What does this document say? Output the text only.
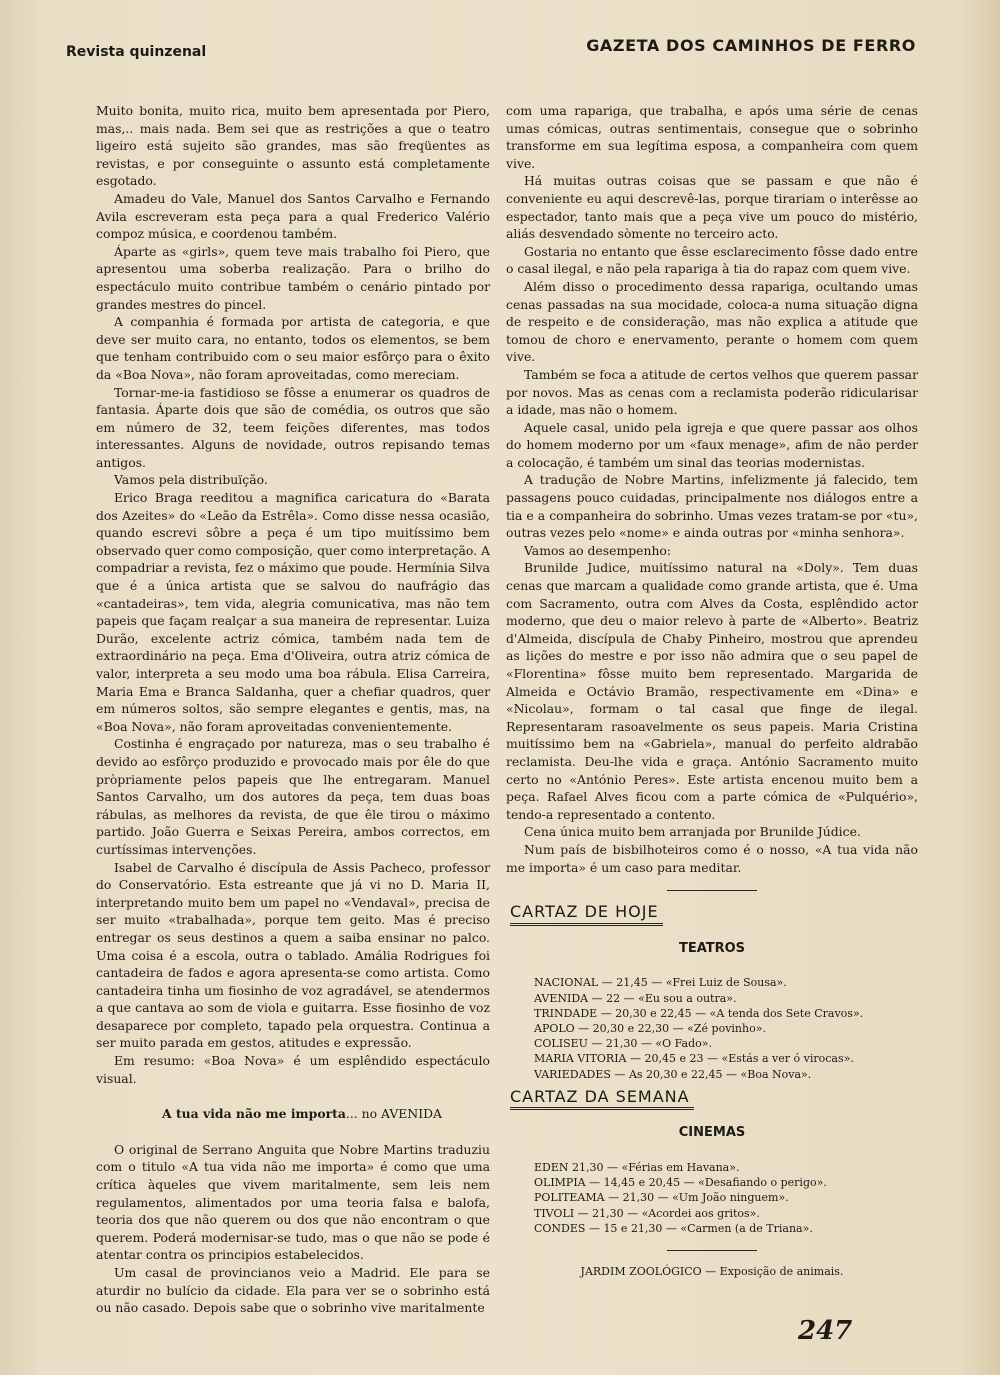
Revista quinzenal	GAZETA DOS CAMINHOS DE FERRO

Muito bonita, muito rica, muito bem apresentada por Piero, mas,.. mais nada. Bem sei que as restrições a que o teatro ligeiro está sujeito são grandes, mas são freqüentes as revistas, e por conseguinte o assunto está completamente esgotado.

Amadeu do Vale, Manuel dos Santos Carvalho e Fernando Avila escreveram esta peça para a qual Frederico Valério compoz música, e coordenou também.

Áparte as «girls», quem teve mais trabalho foi Piero, que apresentou uma soberba realização. Para o brilho do espectáculo muito contribue também o cenário pintado por grandes mestres do pincel.

A companhia é formada por artista de categoria, e que deve ser muito cara, no entanto, todos os elementos, se bem que tenham contribuido com o seu maior esfôrço para o êxito da «Boa Nova», não foram aproveitadas, como mereciam.

Tornar-me-ia fastidioso se fôsse a enumerar os quadros de fantasia. Áparte dois que são de comédia, os outros que são em número de 32, teem feições diferentes, mas todos interessantes. Alguns de novidade, outros repisando temas antigos.

Vamos pela distribuïção.

Erico Braga reeditou a magnifica caricatura do «Barata dos Azeites» do «Leão da Estrêla». Como disse nessa ocasião, quando escrevi sôbre a peça é um tipo muitíssimo bem observado quer como composição, quer como interpretação. A compadriar a revista, fez o máximo que poude. Hermínia Silva que é a única artista que se salvou do naufrágio das «cantadeiras», tem vida, alegria comunicativa, mas não tem papeis que façam realçar a sua maneira de representar. Luiza Durão, excelente actriz cómica, também nada tem de extraordinário na peça. Ema d'Oliveira, outra atriz cómica de valor, interpreta a seu modo uma boa rábula. Elisa Carreira, Maria Ema e Branca Saldanha, quer a chefiar quadros, quer em números soltos, são sempre elegantes e gentis, mas, na «Boa Nova», não foram aproveitadas convenientemente.

Costinha é engraçado por natureza, mas o seu trabalho é devido ao esfôrço produzido e provocado mais por êle do que pròpriamente pelos papeis que lhe entregaram. Manuel Santos Carvalho, um dos autores da peça, tem duas boas rábulas, as melhores da revista, de que êle tirou o máximo partido. João Guerra e Seixas Pereira, ambos correctos, em curtíssimas intervenções.

Isabel de Carvalho é discípula de Assis Pacheco, professor do Conservatório. Esta estreante que já vi no D. Maria II, interpretando muito bem um papel no «Vendaval», precisa de ser muito «trabalhada», porque tem geito. Mas é preciso entregar os seus destinos a quem a saiba ensinar no palco. Uma coisa é a escola, outra o tablado. Amália Rodrigues foi cantadeira de fados e agora apresenta-se como artista. Como cantadeira tinha um fiosinho de voz agradável, se atendermos a que cantava ao som de viola e guitarra. Esse fiosinho de voz desaparece por completo, tapado pela orquestra. Continua a ser muito parada em gestos, atitudes e expressão.

Em resumo: «Boa Nova» é um esplêndido espectáculo visual.

A tua vida não me importa... no AVENIDA

O original de Serrano Anguita que Nobre Martins traduziu com o titulo «A tua vida não me importa» é como que uma crítica àqueles que vivem maritalmente, sem leis nem regulamentos, alimentados por uma teoria falsa e balofa, teoria dos que não querem ou dos que não encontram o que querem. Poderá modernisar-se tudo, mas o que não se pode é atentar contra os principios estabelecidos.

Um casal de provincianos veio a Madrid. Ele para se aturdir no bulício da cidade. Ela para ver se o sobrinho está ou não casado. Depois sabe que o sobrinho vive maritalmente

com uma rapariga, que trabalha, e após uma série de cenas umas cómicas, outras sentimentais, consegue que o sobrinho transforme em sua legítima esposa, a companheira com quem vive.

Há muitas outras coisas que se passam e que não é conveniente eu aqui descrevê-las, porque tirariam o interêsse ao espectador, tanto mais que a peça vive um pouco do mistério, aliás desvendado sòmente no terceiro acto.

Gostaria no entanto que êsse esclarecimento fôsse dado entre o casal ilegal, e não pela rapariga à tia do rapaz com quem vive.

Além disso o procedimento dessa rapariga, ocultando umas cenas passadas na sua mocidade, coloca-a numa situação digna de respeito e de consideração, mas não explica a atitude que tomou de choro e enervamento, perante o homem com quem vive.

Também se foca a atitude de certos velhos que querem passar por novos. Mas as cenas com a reclamista poderão ridicularisar a idade, mas não o homem.

Aquele casal, unido pela igreja e que quere passar aos olhos do homem moderno por um «faux menage», afim de não perder a colocação, é também um sinal das teorias modernistas.

A tradução de Nobre Martins, infelizmente já falecido, tem passagens pouco cuidadas, principalmente nos diálogos entre a tia e a companheira do sobrinho. Umas vezes tratam-se por «tu», outras vezes pelo «nome» e ainda outras por «minha senhora».

Vamos ao desempenho:

Brunilde Judice, muitíssimo natural na «Doly». Tem duas cenas que marcam a qualidade como grande artista, que é. Uma com Sacramento, outra com Alves da Costa, esplêndido actor moderno, que deu o maior relevo à parte de «Alberto». Beatriz d'Almeida, discípula de Chaby Pinheiro, mostrou que aprendeu as lições do mestre e por isso não admira que o seu papel de «Florentina» fôsse muito bem representado. Margarida de Almeida e Octávio Bramão, respectivamente em «Dina» e «Nicolau», formam o tal casal que finge de ilegal. Representaram rasoavelmente os seus papeis. Maria Cristina muitíssimo bem na «Gabriela», manual do perfeito aldrabão reclamista. Deu-lhe vida e graça. António Sacramento muito certo no «António Peres». Este artista encenou muito bem a peça. Rafael Alves ficou com a parte cómica de «Pulquério», tendo-a representado a contento.

Cena única muito bem arranjada por Brunilde Júdice.

Num país de bisbilhoteiros como é o nosso, «A tua vida não me importa» é um caso para meditar.

CARTAZ DE HOJE
TEATROS
NACIONAL — 21,45 — «Frei Luiz de Sousa».
AVENIDA — 22 — «Eu sou a outra».
TRINDADE — 20,30 e 22,45 — «A tenda dos Sete Cravos».
APOLO — 20,30 e 22,30 — «Zé povinho».
COLISEU — 21,30 — «O Fado».
MARIA VITORIA — 20,45 e 23 — «Estás a ver ó virocas».
VARIEDADES — As 20,30 e 22,45 — «Boa Nova».
CARTAZ DA SEMANA
CINEMAS
EDEN 21,30 — «Férias em Havana».
OLIMPIA — 14,45 e 20,45 — «Desafiando o perigo».
POLITEAMA — 21,30 — «Um João ninguem».
TIVOLI — 21,30 — «Acordei aos gritos».
CONDES — 15 e 21,30 — «Carmen (a de Triana».
JARDIM ZOOLÓGICO — Exposição de animais.
247
